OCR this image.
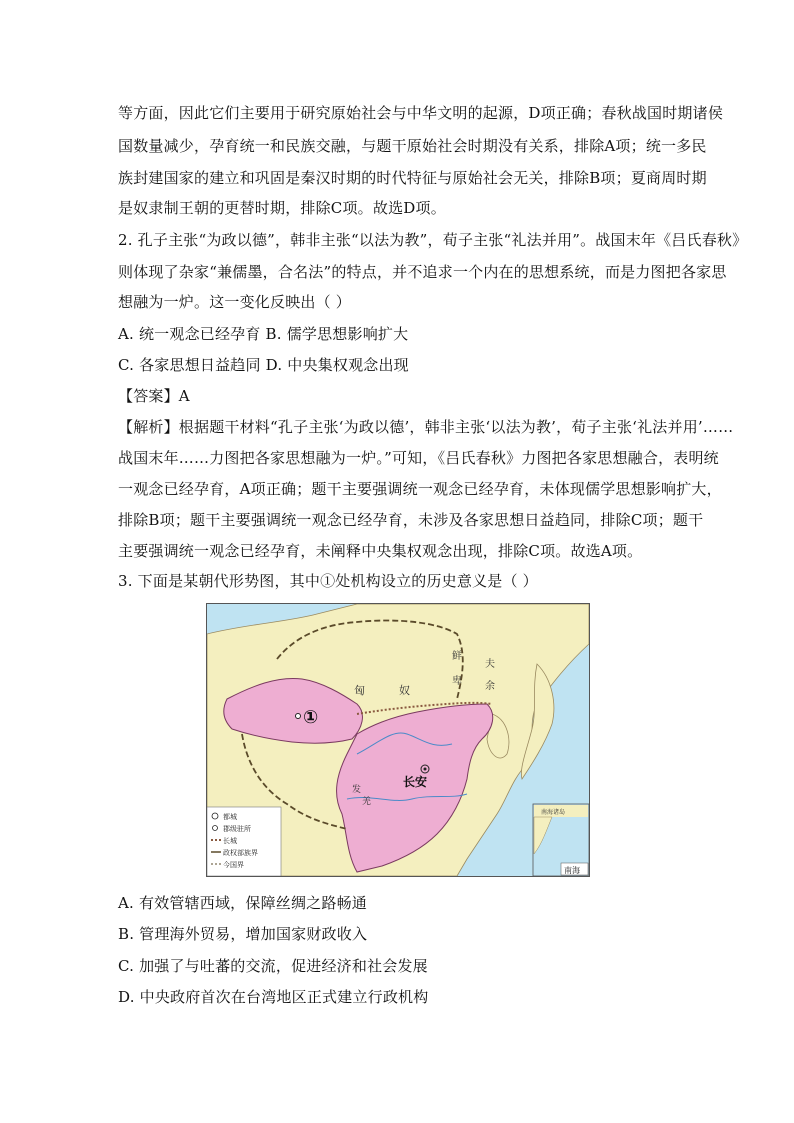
等方面，因此它们主要用于研究原始社会与中华文明的起源，D项正确；春秋战国时期诸侯
国数量减少，孕育统一和民族交融，与题干原始社会时期没有关系，排除A项；统一多民
族封建国家的建立和巩固是秦汉时期的时代特征与原始社会无关，排除B项；夏商周时期
是奴隶制王朝的更替时期，排除C项。故选D项。
2. 孔子主张“为政以德”，韩非主张“以法为教”，荀子主张“礼法并用”。战国末年《吕氏春秋》
则体现了杂家“兼儒墨，合名法”的特点，并不追求一个内在的思想系统，而是力图把各家思
想融为一炉。这一变化反映出（ ）
A. 统一观念已经孕育 B. 儒学思想影响扩大
C. 各家思想日益趋同 D. 中央集权观念出现
【答案】A
【解析】根据题干材料“孔子主张‘为政以德’，韩非主张‘以法为教’，荀子主张‘礼法并用’……
战国末年……力图把各家思想融为一炉。”可知，《吕氏春秋》力图把各家思想融合，表明统
一观念已经孕育，A项正确；题干主要强调统一观念已经孕育，未体现儒学思想影响扩大，
排除B项；题干主要强调统一观念已经孕育，未涉及各家思想日益趋同，排除C项；题干
主要强调统一观念已经孕育，未阐释中央集权观念出现，排除C项。故选A项。
3. 下面是某朝代形势图，其中①处机构设立的历史意义是（ ）
匈	奴
鲜
卑
夫
余
发
羌
①
长安
都城
郡级驻所
长城
政权部族界
今国界
南海诸岛
南海
A. 有效管辖西域，保障丝绸之路畅通
B. 管理海外贸易，增加国家财政收入
C. 加强了与吐蕃的交流，促进经济和社会发展
D. 中央政府首次在台湾地区正式建立行政机构
